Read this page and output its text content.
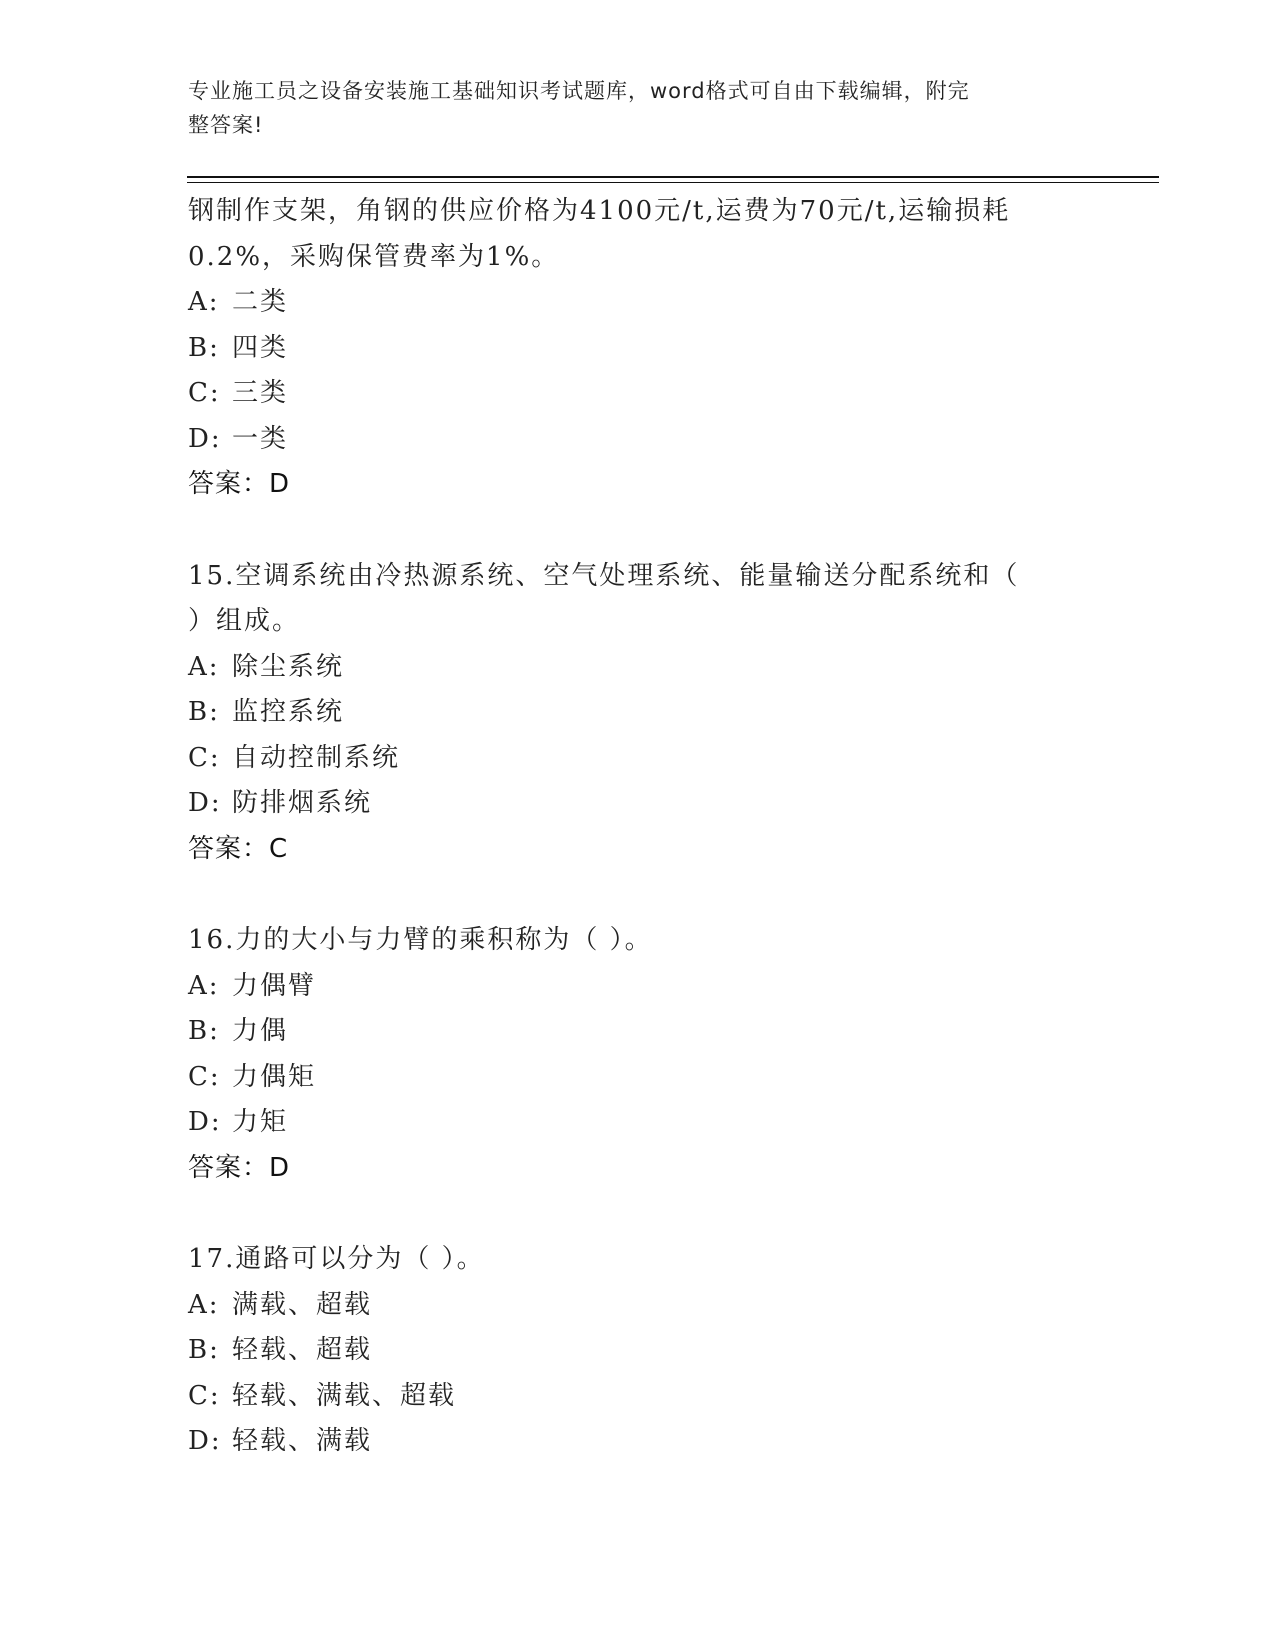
专业施工员之设备安装施工基础知识考试题库，word格式可自由下载编辑，附完
整答案!
钢制作支架，角钢的供应价格为4100元/t,运费为70元/t,运输损耗
0.2%，采购保管费率为1%。
A: 二类
B: 四类
C: 三类
D: 一类
答案：D
15.空调系统由冷热源系统、空气处理系统、能量输送分配系统和（
）组成。
A: 除尘系统
B: 监控系统
C: 自动控制系统
D: 防排烟系统
答案：C
16.力的大小与力臂的乘积称为（ ）。
A: 力偶臂
B: 力偶
C: 力偶矩
D: 力矩
答案：D
17.通路可以分为（ ）。
A: 满载、超载
B: 轻载、超载
C: 轻载、满载、超载
D: 轻载、满载
